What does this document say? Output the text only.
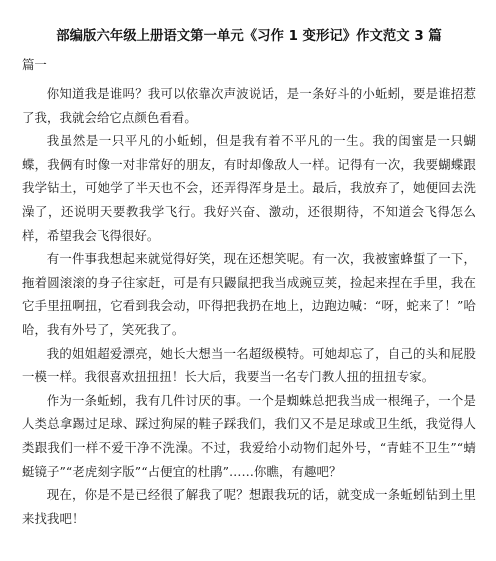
部编版六年级上册语文第一单元《习作 1 变形记》作文范文 3 篇
篇一

你知道我是谁吗？我可以依靠次声波说话，是一条好斗的小蚯蚓，要是谁招惹了我，我就会给它点颜色看看。

我虽然是一只平凡的小蚯蚓，但是我有着不平凡的一生。我的闺蜜是一只蝴蝶，我俩有时像一对非常好的朋友，有时却像敌人一样。记得有一次，我要蝴蝶跟我学钻土，可她学了半天也不会，还弄得浑身是土。最后，我放弃了，她便回去洗澡了，还说明天要教我学飞行。我好兴奋、激动，还很期待，不知道会飞得怎么样，希望我会飞得很好。

有一件事我想起来就觉得好笑，现在还想笑呢。有一次，我被蜜蜂蜇了一下，拖着圆滚滚的身子往家赶，可是有只鼹鼠把我当成豌豆荚，捡起来捏在手里，我在它手里扭啊扭，它看到我会动，吓得把我扔在地上，边跑边喊：“呀，蛇来了！”哈哈，我有外号了，笑死我了。

我的姐姐超爱漂亮，她长大想当一名超级模特。可她却忘了，自己的头和屁股一模一样。我很喜欢扭扭扭！长大后，我要当一名专门教人扭的扭扭专家。

作为一条蚯蚓，我有几件讨厌的事。一个是蜘蛛总把我当成一根绳子，一个是人类总拿踢过足球、踩过狗屎的鞋子踩我们，我们又不是足球或卫生纸，我觉得人类跟我们一样不爱干净不洗澡。不过，我爱给小动物们起外号，“青蛙不卫生”“蜻蜓镜子”“老虎刻字版”“占便宜的杜鹃”……你瞧，有趣吧？

现在，你是不是已经很了解我了呢？想跟我玩的话，就变成一条蚯蚓钻到土里来找我吧！
